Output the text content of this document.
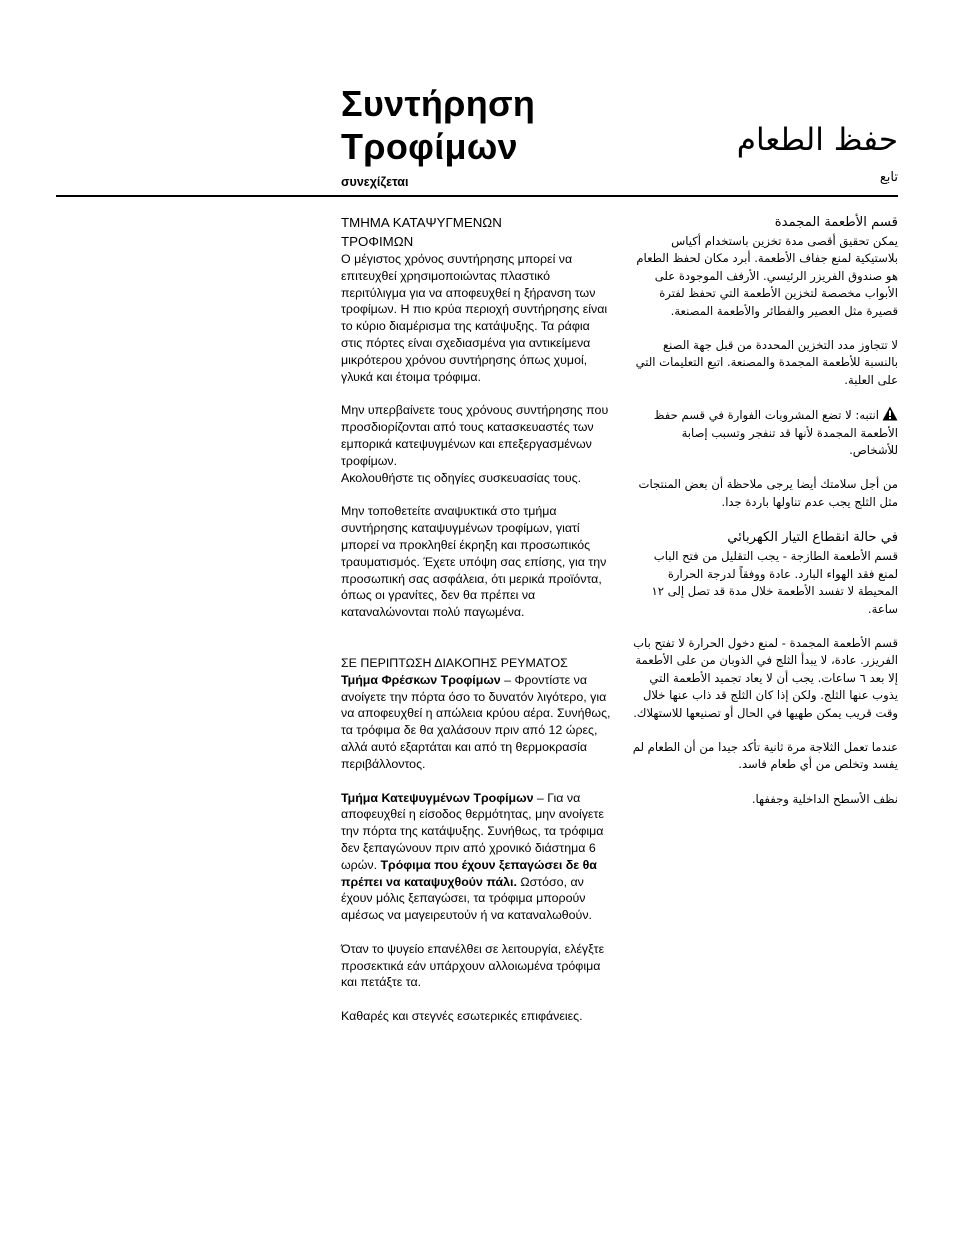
Συντήρηση
Τροφίμων
συνεχίζεται
حفظ الطعام
تابع

ΤΜΗΜΑ ΚΑΤΑΨΥΓΜΕΝΩΝ

ΤΡΟΦΙΜΩΝ

Ο μέγιστος χρόνος συντήρησης μπορεί να επιτευχθεί χρησιμοποιώντας πλαστικό περιτύλιγμα για να αποφευχθεί η ξήρανση των τροφίμων. Η πιο κρύα περιοχή συντήρησης είναι το κύριο διαμέρισμα της κατάψυξης. Τα ράφια στις πόρτες είναι σχεδιασμένα για αντικείμενα μικρότερου χρόνου συντήρησης όπως χυμοί, γλυκά και έτοιμα τρόφιμα.

Μην υπερβαίνετε τους χρόνους συντήρησης που προσδιορίζονται από τους κατασκευαστές των εμπορικά κατεψυγμένων και επεξεργασμένων τροφίμων.

Ακολουθήστε τις οδηγίες συσκευασίας τους.

Μην τοποθετείτε αναψυκτικά στο τμήμα συντήρησης καταψυγμένων τροφίμων, γιατί μπορεί να προκληθεί έκρηξη και προσωπικός τραυματισμός. Έχετε υπόψη σας επίσης, για την προσωπική σας ασφάλεια, ότι μερικά προϊόντα, όπως οι γρανίτες, δεν θα πρέπει να καταναλώνονται πολύ παγωμένα.

ΣΕ ΠΕΡΙΠΤΩΣΗ ΔΙΑΚΟΠΗΣ ΡΕΥΜΑΤΟΣ

Τμήμα Φρέσκων Τροφίμων – Φροντίστε να ανοίγετε την πόρτα όσο το δυνατόν λιγότερο, για να αποφευχθεί η απώλεια κρύου αέρα. Συνήθως, τα τρόφιμα δε θα χαλάσουν πριν από 12 ώρες, αλλά αυτό εξαρτάται και από τη θερμοκρασία περιβάλλοντος.

Τμήμα Κατεψυγμένων Τροφίμων – Για να αποφευχθεί η είσοδος θερμότητας, μην ανοίγετε την πόρτα της κατάψυξης. Συνήθως, τα τρόφιμα δεν ξεπαγώνουν πριν από χρονικό διάστημα 6 ωρών. Τρόφιμα που έχουν ξεπαγώσει δε θα πρέπει να καταψυχθούν πάλι. Ωστόσο, αν έχουν μόλις ξεπαγώσει, τα τρόφιμα μπορούν αμέσως να μαγειρευτούν ή να καταναλωθούν.

Όταν το ψυγείο επανέλθει σε λειτουργία, ελέγξτε προσεκτικά εάν υπάρχουν αλλοιωμένα τρόφιμα και πετάξτε τα.

Καθαρές και στεγνές εσωτερικές επιφάνειες.

قسم الأطعمة المجمدة

يمكن تحقيق أقصى مدة تخزين باستخدام أكياس بلاستيكية لمنع جفاف الأطعمة. أبرد مكان لحفظ الطعام هو صندوق الفريزر الرئيسي. الأرفف الموجودة على الأبواب مخصصة لتخزين الأطعمة التي تحفظ لفترة قصيرة مثل العصير والفطائر والأطعمة المصنعة.

لا تتجاوز مدد التخزين المحددة من قبل جهة الصنع بالنسبة للأطعمة المجمدة والمصنعة. اتبع التعليمات التي على العلبة.

انتبه: لا تضع المشروبات الفوارة في قسم حفظ الأطعمة المجمدة لأنها قد تنفجر وتسبب إصابة للأشخاص.

من أجل سلامتك أيضا يرجى ملاحظة أن بعض المنتجات مثل الثلج يجب عدم تناولها باردة جدا.

في حالة انقطاع التيار الكهربائي

قسم الأطعمة الطازجة - يجب التقليل من فتح الباب لمنع فقد الهواء البارد. عادة ووفقاً لدرجة الحرارة المحيطة لا تفسد الأطعمة خلال مدة قد تصل إلى ١٢ ساعة.

قسم الأطعمة المجمدة - لمنع دخول الحرارة لا تفتح باب الفريزر. عادة، لا يبدأ الثلج في الذوبان من على الأطعمة إلا بعد ٦ ساعات. يجب أن لا يعاد تجميد الأطعمة التي يذوب عنها الثلج. ولكن إذا كان الثلج قد ذاب عنها خلال وقت قريب يمكن طهيها في الحال أو تصنيعها للاستهلاك.

عندما تعمل الثلاجة مرة ثانية تأكد جيدا من أن الطعام لم يفسد وتخلص من أي طعام فاسد.

نظف الأسطح الداخلية وجففها.
